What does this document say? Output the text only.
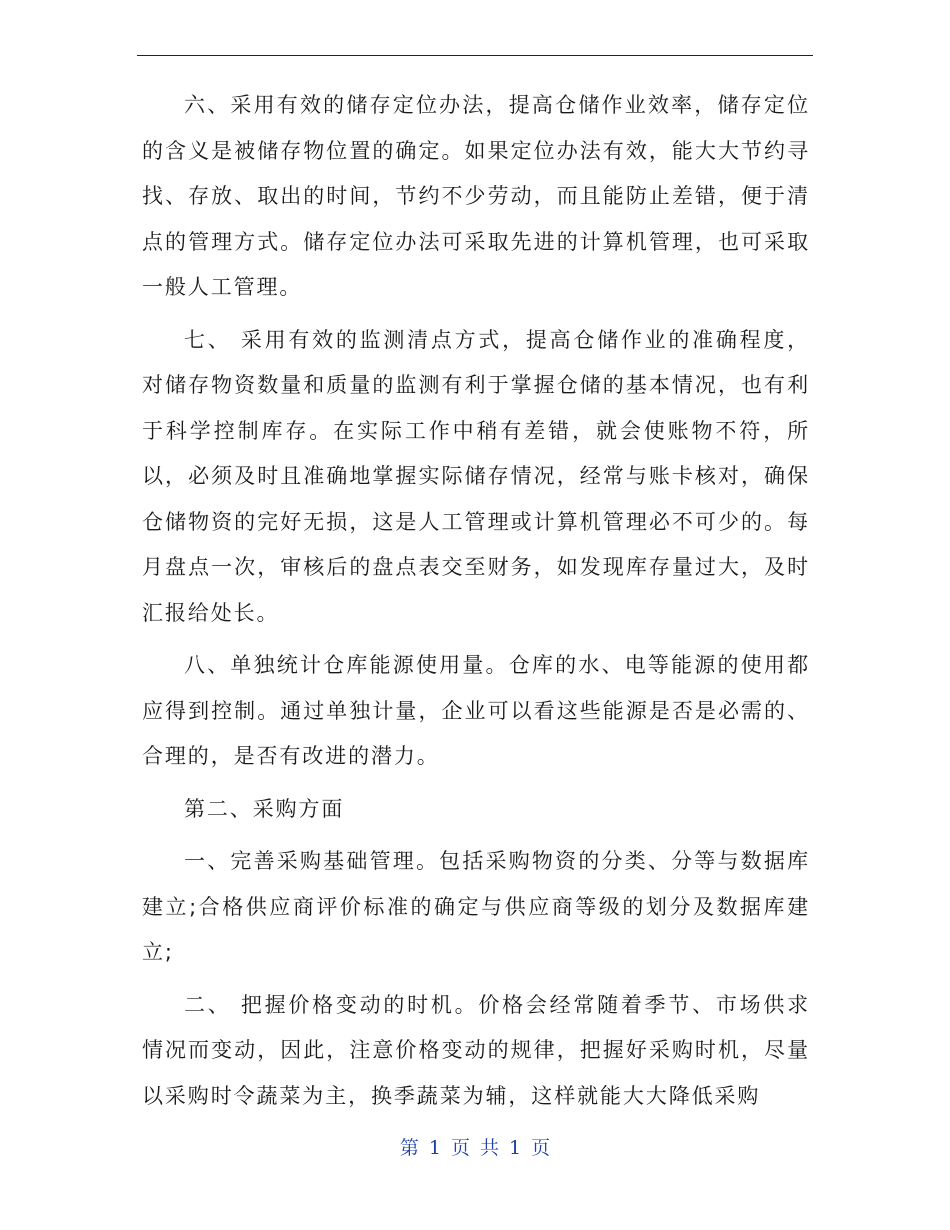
六、采用有效的储存定位办法，提高仓储作业效率，储存定位的含义是被储存物位置的确定。如果定位办法有效，能大大节约寻找、存放、取出的时间，节约不少劳动，而且能防止差错，便于清点的管理方式。储存定位办法可采取先进的计算机管理，也可采取一般人工管理。

七、 采用有效的监测清点方式，提高仓储作业的准确程度，对储存物资数量和质量的监测有利于掌握仓储的基本情况，也有利于科学控制库存。在实际工作中稍有差错，就会使账物不符，所以，必须及时且准确地掌握实际储存情况，经常与账卡核对，确保仓储物资的完好无损，这是人工管理或计算机管理必不可少的。每月盘点一次，审核后的盘点表交至财务，如发现库存量过大，及时汇报给处长。

八、单独统计仓库能源使用量。仓库的水、电等能源的使用都应得到控制。通过单独计量，企业可以看这些能源是否是必需的、合理的，是否有改进的潜力。

第二、采购方面

一、完善采购基础管理。包括采购物资的分类、分等与数据库建立;合格供应商评价标准的确定与供应商等级的划分及数据库建立;

二、 把握价格变动的时机。价格会经常随着季节、市场供求情况而变动，因此，注意价格变动的规律，把握好采购时机，尽量以采购时令蔬菜为主，换季蔬菜为辅，这样就能大大降低采购

第 1 页 共 1 页
